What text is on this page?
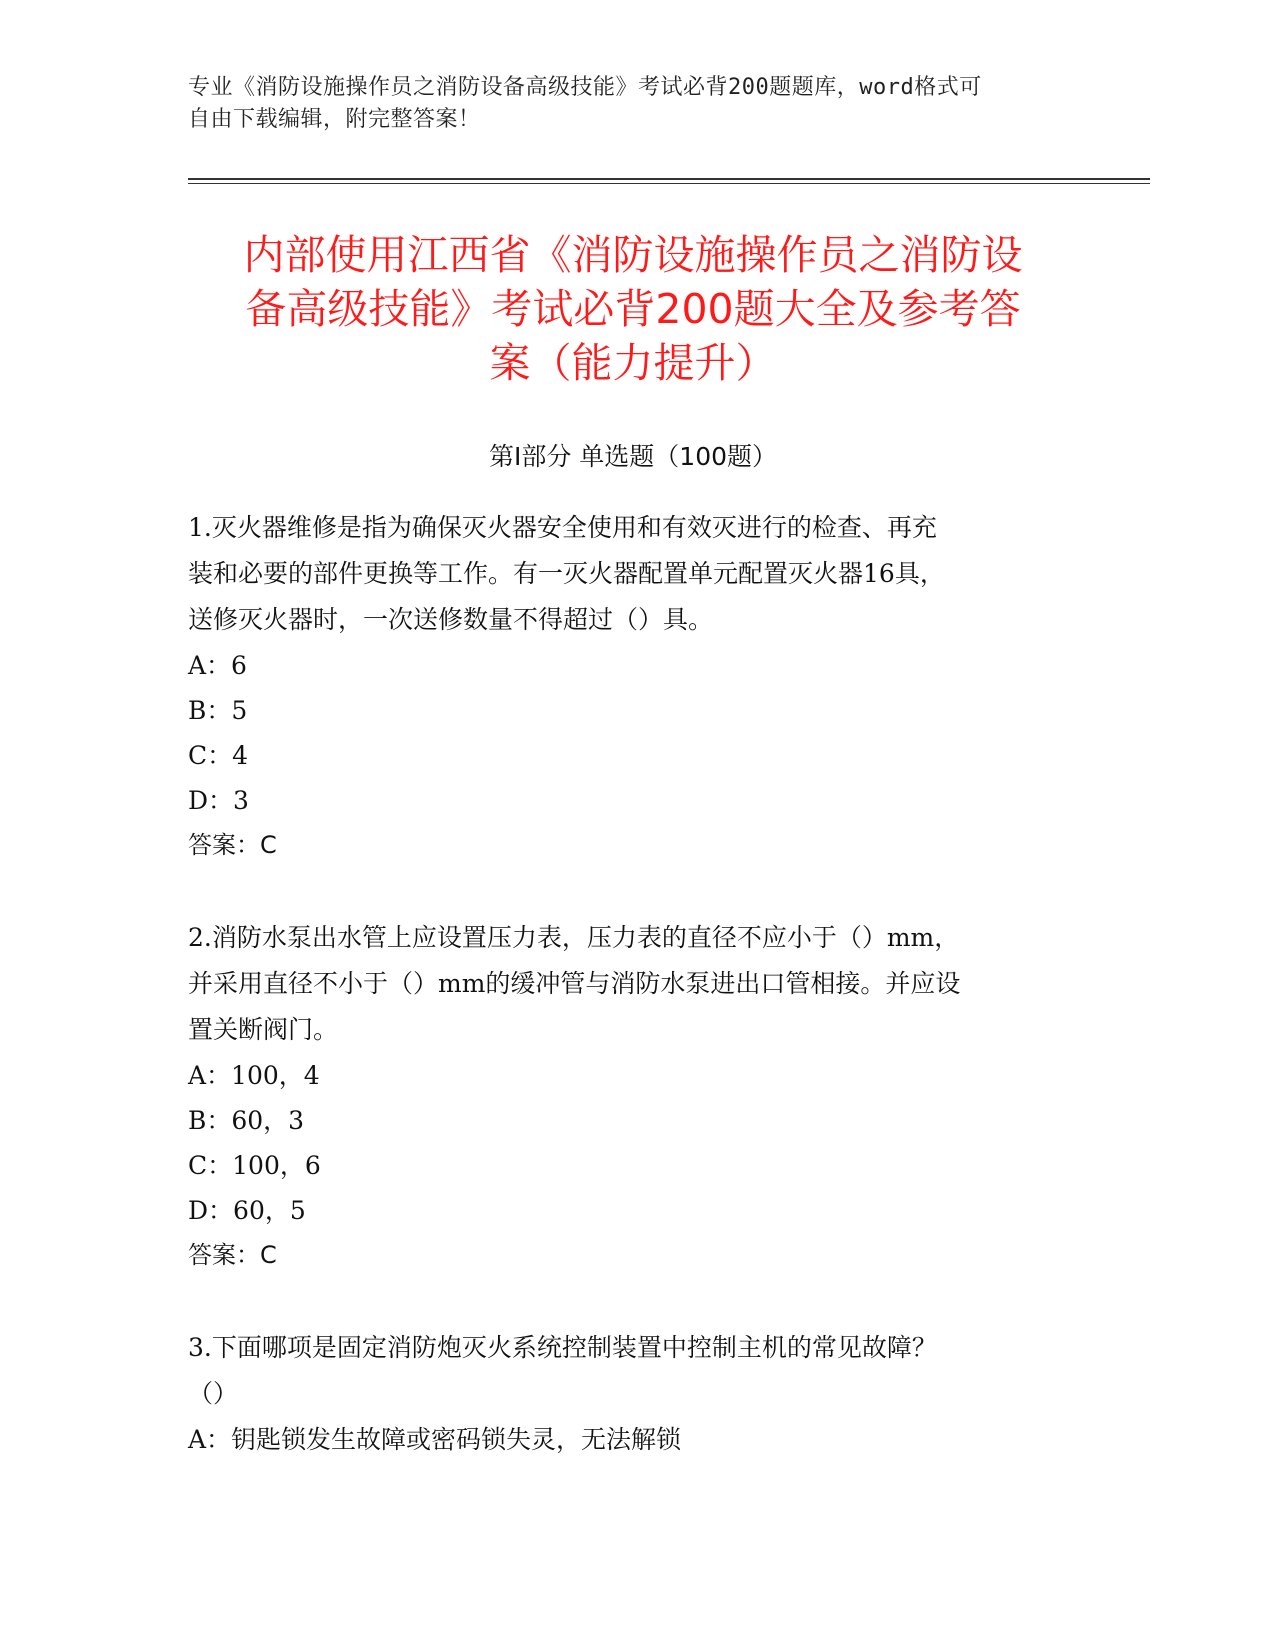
专业《消防设施操作员之消防设备高级技能》考试必背200题题库，word格式可
自由下载编辑，附完整答案！
内部使用江西省《消防设施操作员之消防设
备高级技能》考试必背200题大全及参考答
案（能力提升）
第Ⅰ部分 单选题（100题）
1.灭火器维修是指为确保灭火器安全使用和有效灭进行的检查、再充
装和必要的部件更换等工作。有一灭火器配置单元配置灭火器16具，
送修灭火器时，一次送修数量不得超过（）具。
A：6
B：5
C：4
D：3
答案：C
2.消防水泵出水管上应设置压力表，压力表的直径不应小于（）mm，
并采用直径不小于（）mm的缓冲管与消防水泵进出口管相接。并应设
置关断阀门。
A：100，4
B：60，3
C：100，6
D：60，5
答案：C
3.下面哪项是固定消防炮灭火系统控制装置中控制主机的常见故障？
（）
A：钥匙锁发生故障或密码锁失灵，无法解锁
